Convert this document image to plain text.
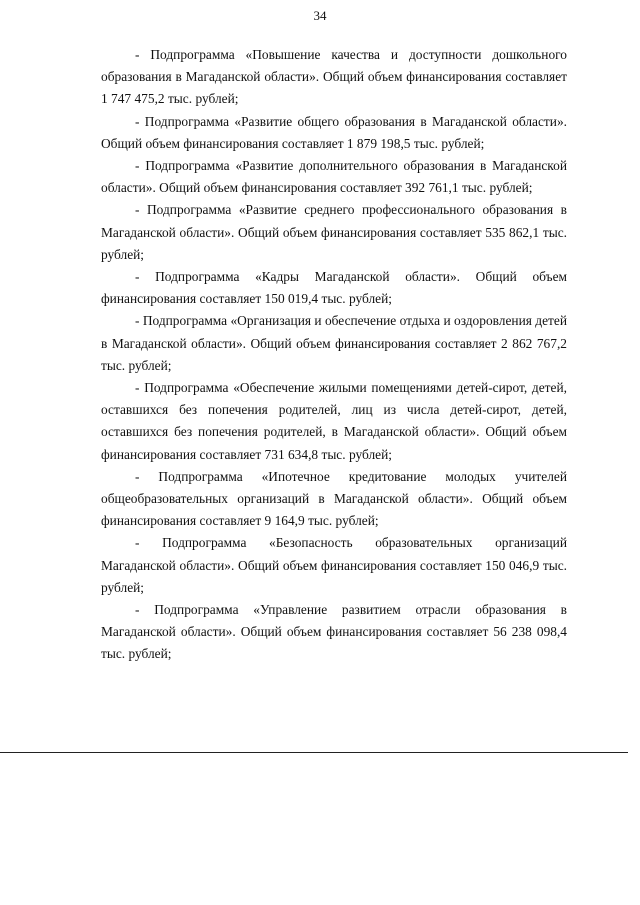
34

- Подпрограмма «Повышение качества и доступности дошкольного образования в Магаданской области». Общий объем финансирования составляет 1 747 475,2 тыс. рублей;

- Подпрограмма «Развитие общего образования в Магаданской области». Общий объем финансирования составляет 1 879 198,5 тыс. рублей;

- Подпрограмма «Развитие дополнительного образования в Магаданской области». Общий объем финансирования составляет 392 761,1 тыс. рублей;

- Подпрограмма «Развитие среднего профессионального образования в Магаданской области». Общий объем финансирования составляет 535 862,1 тыс. рублей;

- Подпрограмма «Кадры Магаданской области». Общий объем финансирования составляет 150 019,4 тыс. рублей;

- Подпрограмма «Организация и обеспечение отдыха и оздоровления детей в Магаданской области». Общий объем финансирования составляет 2 862 767,2 тыс. рублей;

- Подпрограмма «Обеспечение жилыми помещениями детей-сирот, детей, оставшихся без попечения родителей, лиц из числа детей-сирот, детей, оставшихся без попечения родителей, в Магаданской области». Общий объем финансирования составляет 731 634,8 тыс. рублей;

- Подпрограмма «Ипотечное кредитование молодых учителей общеобразовательных организаций в Магаданской области». Общий объем финансирования составляет 9 164,9 тыс. рублей;

- Подпрограмма «Безопасность образовательных организаций Магаданской области». Общий объем финансирования составляет 150 046,9 тыс. рублей;

- Подпрограмма «Управление развитием отрасли образования в Магаданской области». Общий объем финансирования составляет 56 238 098,4 тыс. рублей;
